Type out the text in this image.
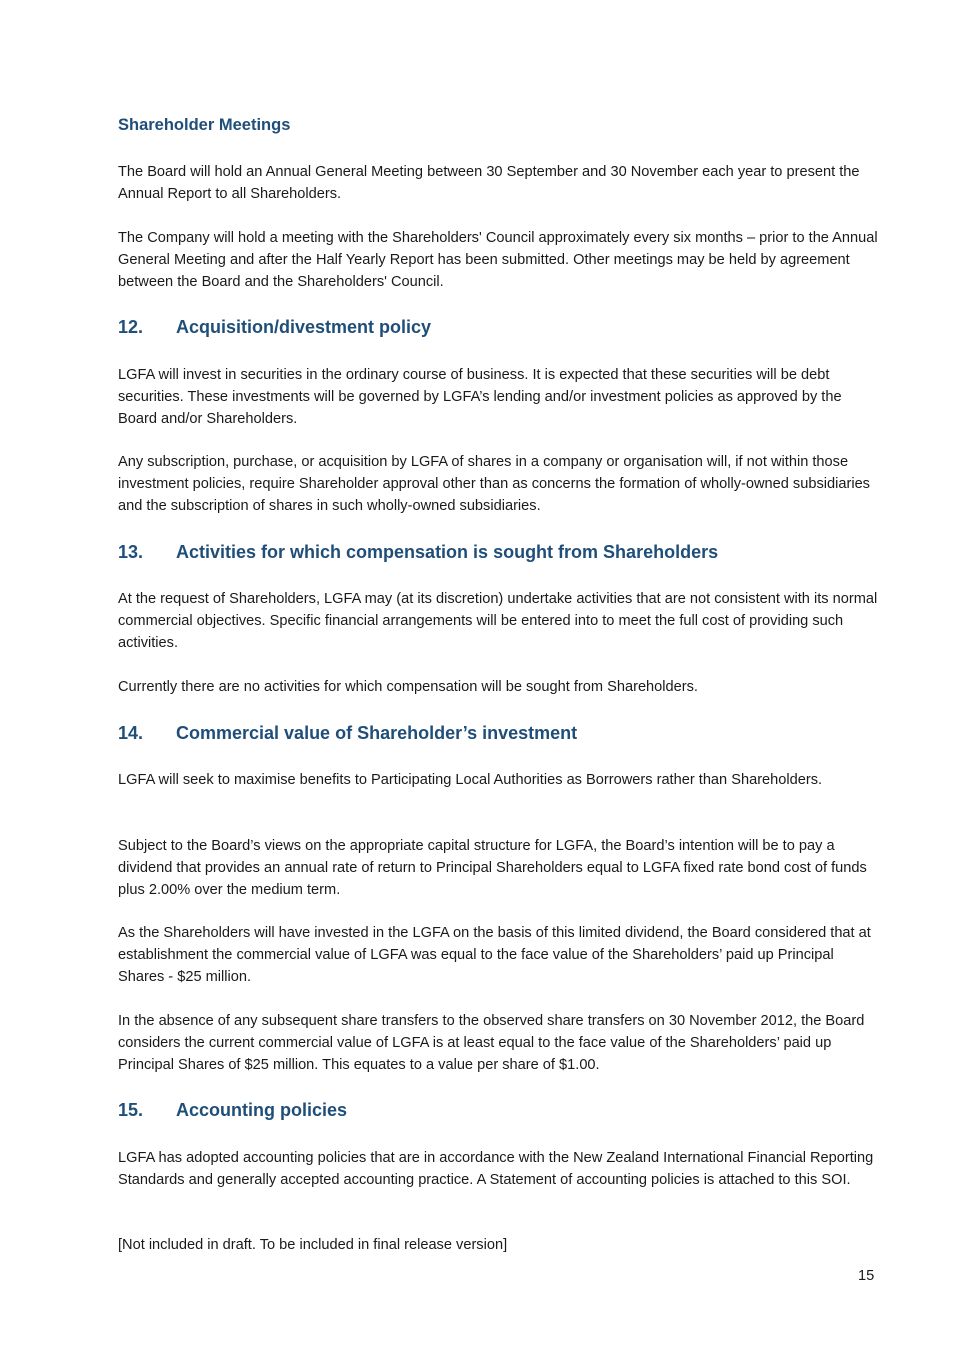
Shareholder Meetings
The Board will hold an Annual General Meeting between 30 September and 30 November each year to present the Annual Report to all Shareholders.
The Company will hold a meeting with the Shareholders' Council approximately every six months – prior to the Annual General Meeting and after the Half Yearly Report has been submitted. Other meetings may be held by agreement between the Board and the Shareholders' Council.
12. Acquisition/divestment policy
LGFA will invest in securities in the ordinary course of business. It is expected that these securities will be debt securities. These investments will be governed by LGFA’s lending and/or investment policies as approved by the Board and/or Shareholders.
Any subscription, purchase, or acquisition by LGFA of shares in a company or organisation will, if not within those investment policies, require Shareholder approval other than as concerns the formation of wholly-owned subsidiaries and the subscription of shares in such wholly-owned subsidiaries.
13. Activities for which compensation is sought from Shareholders
At the request of Shareholders, LGFA may (at its discretion) undertake activities that are not consistent with its normal commercial objectives. Specific financial arrangements will be entered into to meet the full cost of providing such activities.
Currently there are no activities for which compensation will be sought from Shareholders.
14. Commercial value of Shareholder’s investment
LGFA will seek to maximise benefits to Participating Local Authorities as Borrowers rather than Shareholders.
Subject to the Board’s views on the appropriate capital structure for LGFA, the Board’s intention will be to pay a dividend that provides an annual rate of return to Principal Shareholders equal to LGFA fixed rate bond cost of funds plus 2.00% over the medium term.
As the Shareholders will have invested in the LGFA on the basis of this limited dividend, the Board considered that at establishment the commercial value of LGFA was equal to the face value of the Shareholders’ paid up Principal Shares - $25 million.
In the absence of any subsequent share transfers to the observed share transfers on 30 November 2012, the Board considers the current commercial value of LGFA is at least equal to the face value of the Shareholders’ paid up Principal Shares of $25 million. This equates to a value per share of $1.00.
15. Accounting policies
LGFA has adopted accounting policies that are in accordance with the New Zealand International Financial Reporting Standards and generally accepted accounting practice. A Statement of accounting policies is attached to this SOI.
[Not included in draft. To be included in final release version]
15
